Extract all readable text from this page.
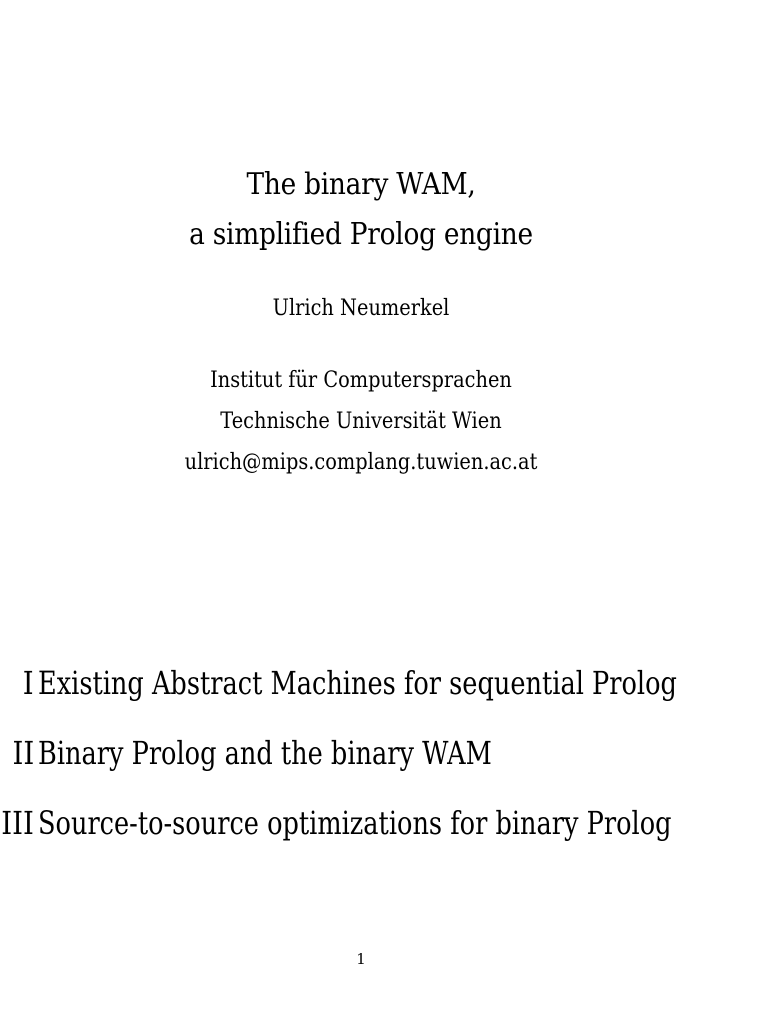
The binary WAM,
a simplified Prolog engine
Ulrich Neumerkel
Institut für Computersprachen
Technische Universität Wien
ulrich@mips.complang.tuwien.ac.at
I Existing Abstract Machines for sequential Prolog
II Binary Prolog and the binary WAM
III Source-to-source optimizations for binary Prolog
1
